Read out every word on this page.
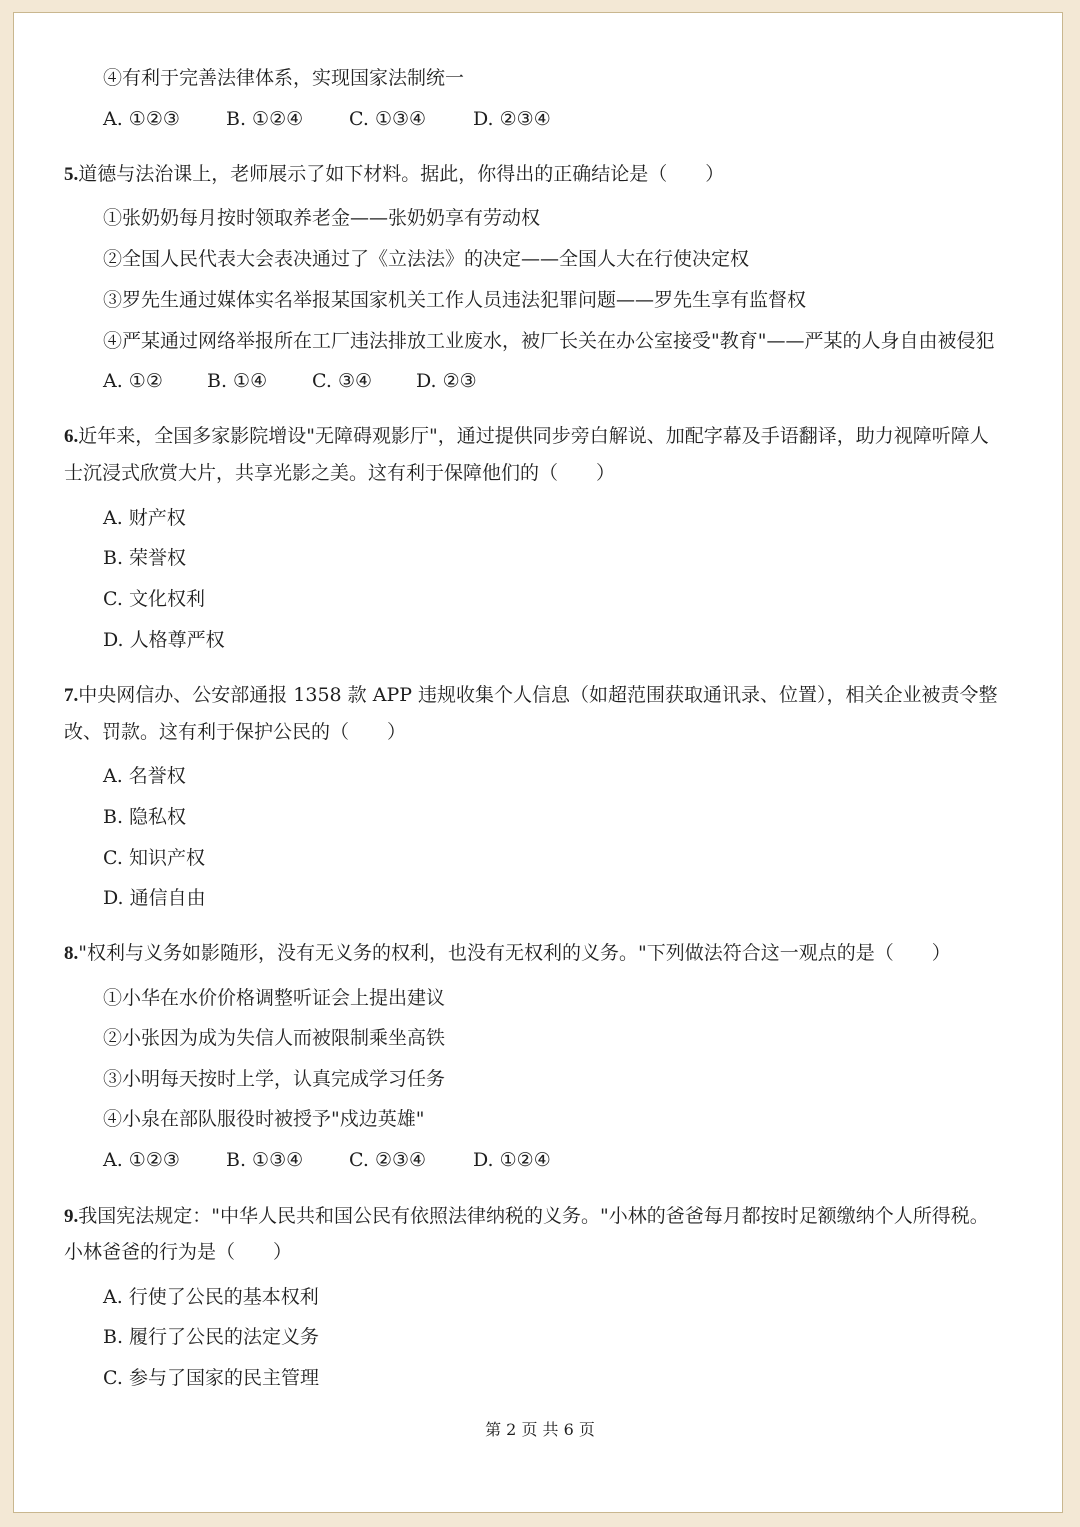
④有利于完善法律体系，实现国家法制统一
A. ①②③ B. ①②④ C. ①③④ D. ②③④
5.道德与法治课上，老师展示了如下材料。据此，你得出的正确结论是（　　）
①张奶奶每月按时领取养老金——张奶奶享有劳动权
②全国人民代表大会表决通过了《立法法》的决定——全国人大在行使决定权
③罗先生通过媒体实名举报某国家机关工作人员违法犯罪问题——罗先生享有监督权
④严某通过网络举报所在工厂违法排放工业废水，被厂长关在办公室接受"教育"——严某的人身自由被侵犯
A. ①② B. ①④ C. ③④ D. ②③
6.近年来，全国多家影院增设"无障碍观影厅"，通过提供同步旁白解说、加配字幕及手语翻译，助力视障听障人
士沉浸式欣赏大片，共享光影之美。这有利于保障他们的（　　）
A. 财产权
B. 荣誉权
C. 文化权利
D. 人格尊严权
7.中央网信办、公安部通报 1358 款 APP 违规收集个人信息（如超范围获取通讯录、位置），相关企业被责令整
改、罚款。这有利于保护公民的（　　）
A. 名誉权
B. 隐私权
C. 知识产权
D. 通信自由
8."权利与义务如影随形，没有无义务的权利，也没有无权利的义务。"下列做法符合这一观点的是（　　）
①小华在水价价格调整听证会上提出建议
②小张因为成为失信人而被限制乘坐高铁
③小明每天按时上学，认真完成学习任务
④小泉在部队服役时被授予"戍边英雄"
A. ①②③ B. ①③④ C. ②③④ D. ①②④
9.我国宪法规定："中华人民共和国公民有依照法律纳税的义务。"小林的爸爸每月都按时足额缴纳个人所得税。
小林爸爸的行为是（　　）
A. 行使了公民的基本权利
B. 履行了公民的法定义务
C. 参与了国家的民主管理
第 2 页 共 6 页
